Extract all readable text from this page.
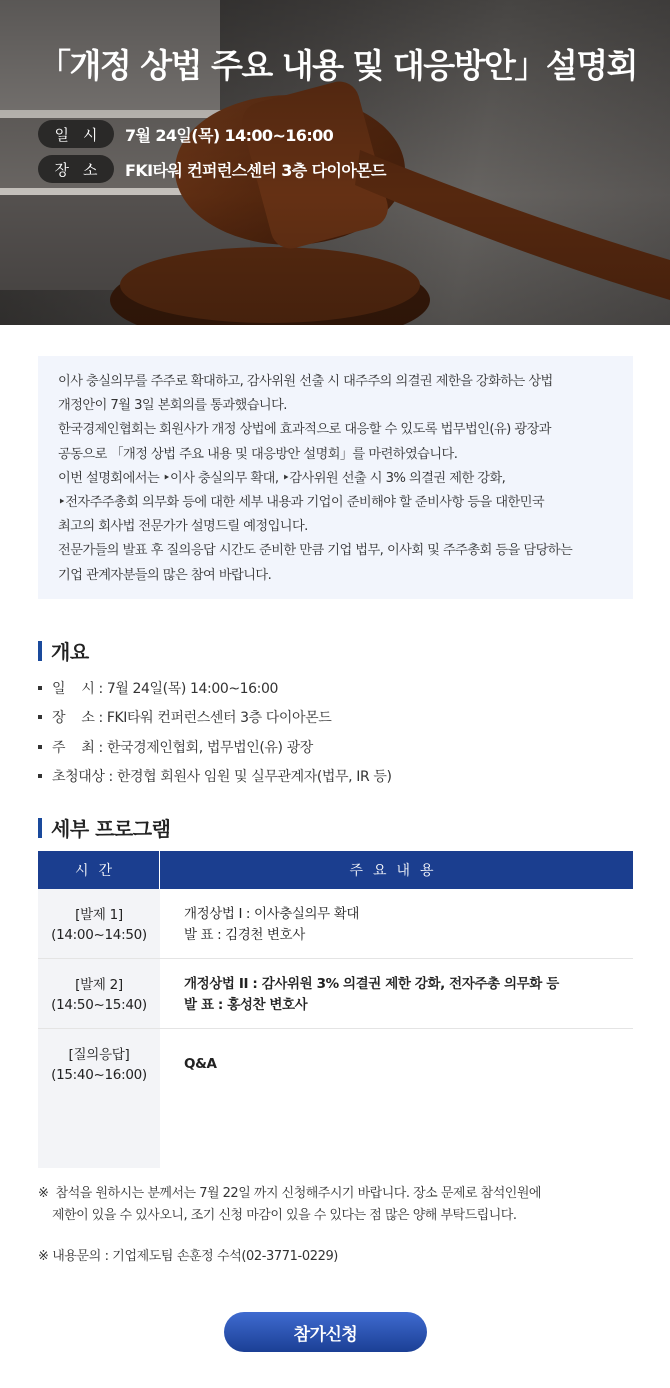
「개정 상법 주요 내용 및 대응방안」설명회
일시 7월 24일(목) 14:00~16:00
장소 FKI타워 컨퍼런스센터 3층 다이아몬드

이사 충실의무를 주주로 확대하고, 감사위원 선출 시 대주주의 의결권 제한을 강화하는 상법

개정안이 7월 3일 본회의를 통과했습니다.

한국경제인협회는 회원사가 개정 상법에 효과적으로 대응할 수 있도록 법무법인(유) 광장과

공동으로 「개정 상법 주요 내용 및 대응방안 설명회」를 마련하였습니다.

이번 설명회에서는 ‣이사 충실의무 확대, ‣감사위원 선출 시 3% 의결권 제한 강화,

‣전자주주총회 의무화 등에 대한 세부 내용과 기업이 준비해야 할 준비사항 등을 대한민국

최고의 회사법 전문가가 설명드릴 예정입니다.

전문가들의 발표 후 질의응답 시간도 준비한 만큼 기업 법무, 이사회 및 주주총회 등을 담당하는

기업 관계자분들의 많은 참여 바랍니다.

개요
일    시 : 7월 24일(목) 14:00~16:00
장    소 : FKI타워 컨퍼런스센터 3층 다이아몬드
주    최 : 한국경제인협회, 법무법인(유) 광장
초청대상 : 한경협 회원사 임원 및 실무관계자(법무, IR 등)
세부 프로그램
시간	주요내용
[발제 1]
(14:00~14:50)
개정상법 I : 이사충실의무 확대
발 표 : 김경천 변호사
[발제 2]
(14:50~15:40)
개정상법 II : 감사위원 3% 의결권 제한 강화, 전자주총 의무화 등
발 표 : 홍성찬 변호사
[질의응답]
(15:40~16:00)
Q&A
※  참석을 원하시는 분께서는 7월 22일 까지 신청해주시기 바랍니다. 장소 문제로 참석인원에
제한이 있을 수 있사오니, 조기 신청 마감이 있을 수 있다는 점 많은 양해 부탁드립니다.
※ 내용문의 : 기업제도팀 손훈정 수석(02-3771-0229)
참가신청
